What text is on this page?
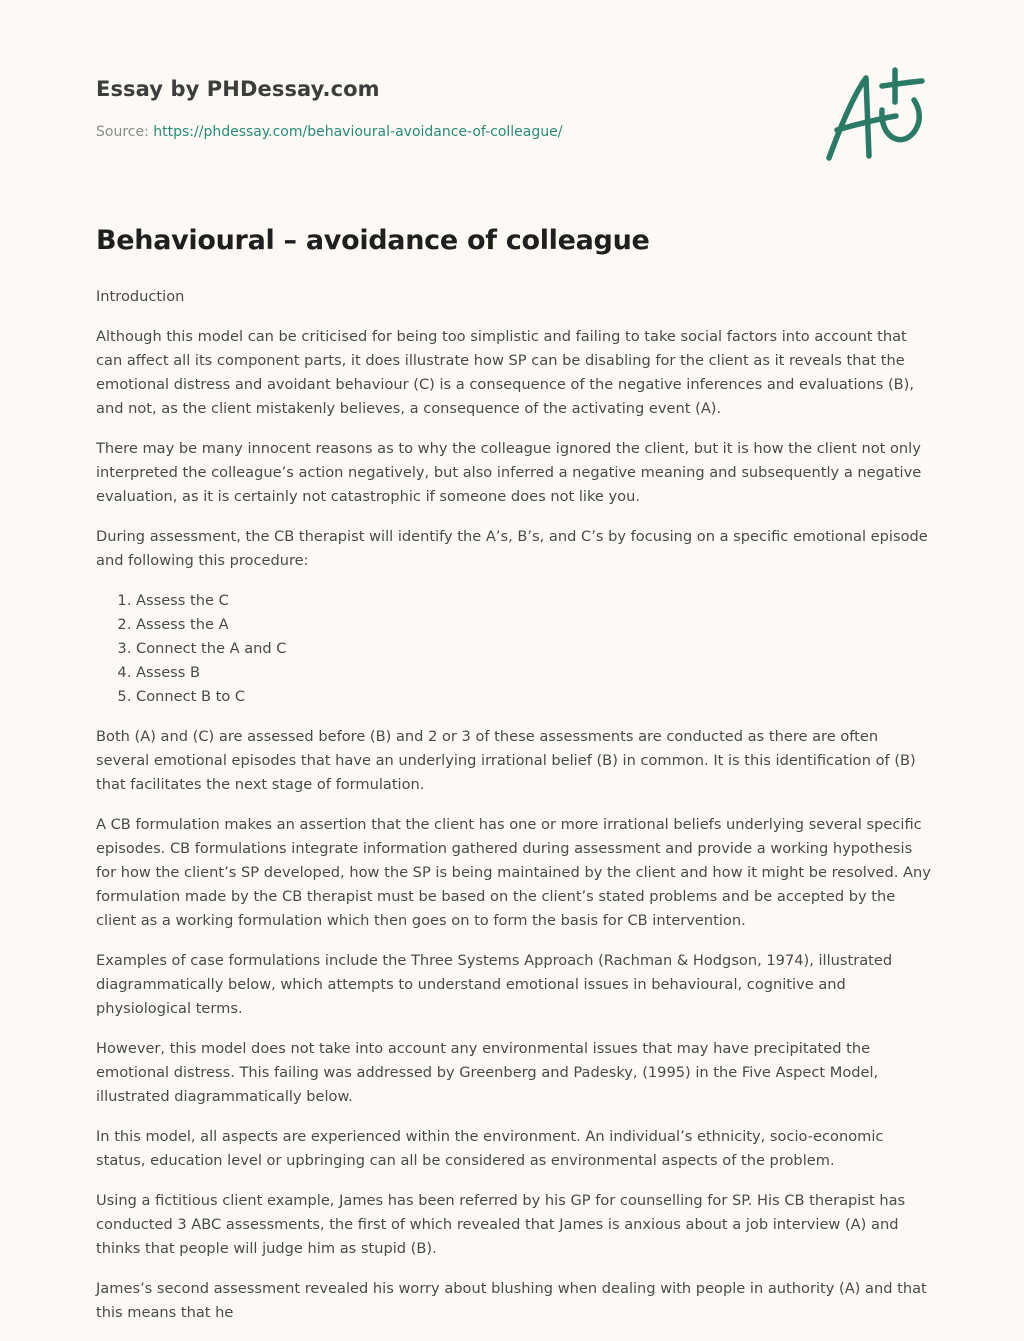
Essay by PHDessay.com
Source: https://phdessay.com/behavioural-avoidance-of-colleague/
Behavioural – avoidance of colleague

Introduction

Although this model can be criticised for being too simplistic and failing to take social factors into account that can affect all its component parts, it does illustrate how SP can be disabling for the client as it reveals that the emotional distress and avoidant behaviour (C) is a consequence of the negative inferences and evaluations (B), and not, as the client mistakenly believes, a consequence of the activating event (A).

There may be many innocent reasons as to why the colleague ignored the client, but it is how the client not only interpreted the colleague’s action negatively, but also inferred a negative meaning and subsequently a negative evaluation, as it is certainly not catastrophic if someone does not like you.

During assessment, the CB therapist will identify the A’s, B’s, and C’s by focusing on a specific emotional episode and following this procedure:

1. Assess the C
2. Assess the A
3. Connect the A and C
4. Assess B
5. Connect B to C

Both (A) and (C) are assessed before (B) and 2 or 3 of these assessments are conducted as there are often several emotional episodes that have an underlying irrational belief (B) in common. It is this identification of (B) that facilitates the next stage of formulation.

A CB formulation makes an assertion that the client has one or more irrational beliefs underlying several specific episodes. CB formulations integrate information gathered during assessment and provide a working hypothesis for how the client’s SP developed, how the SP is being maintained by the client and how it might be resolved. Any formulation made by the CB therapist must be based on the client’s stated problems and be accepted by the client as a working formulation which then goes on to form the basis for CB intervention.

Examples of case formulations include the Three Systems Approach (Rachman & Hodgson, 1974), illustrated diagrammatically below, which attempts to understand emotional issues in behavioural, cognitive and physiological terms.

However, this model does not take into account any environmental issues that may have precipitated the emotional distress. This failing was addressed by Greenberg and Padesky, (1995) in the Five Aspect Model, illustrated diagrammatically below.

In this model, all aspects are experienced within the environment. An individual’s ethnicity, socio-economic status, education level or upbringing can all be considered as environmental aspects of the problem.

Using a fictitious client example, James has been referred by his GP for counselling for SP. His CB therapist has conducted 3 ABC assessments, the first of which revealed that James is anxious about a job interview (A) and thinks that people will judge him as stupid (B).

James’s second assessment revealed his worry about blushing when dealing with people in authority (A) and that this means that he
